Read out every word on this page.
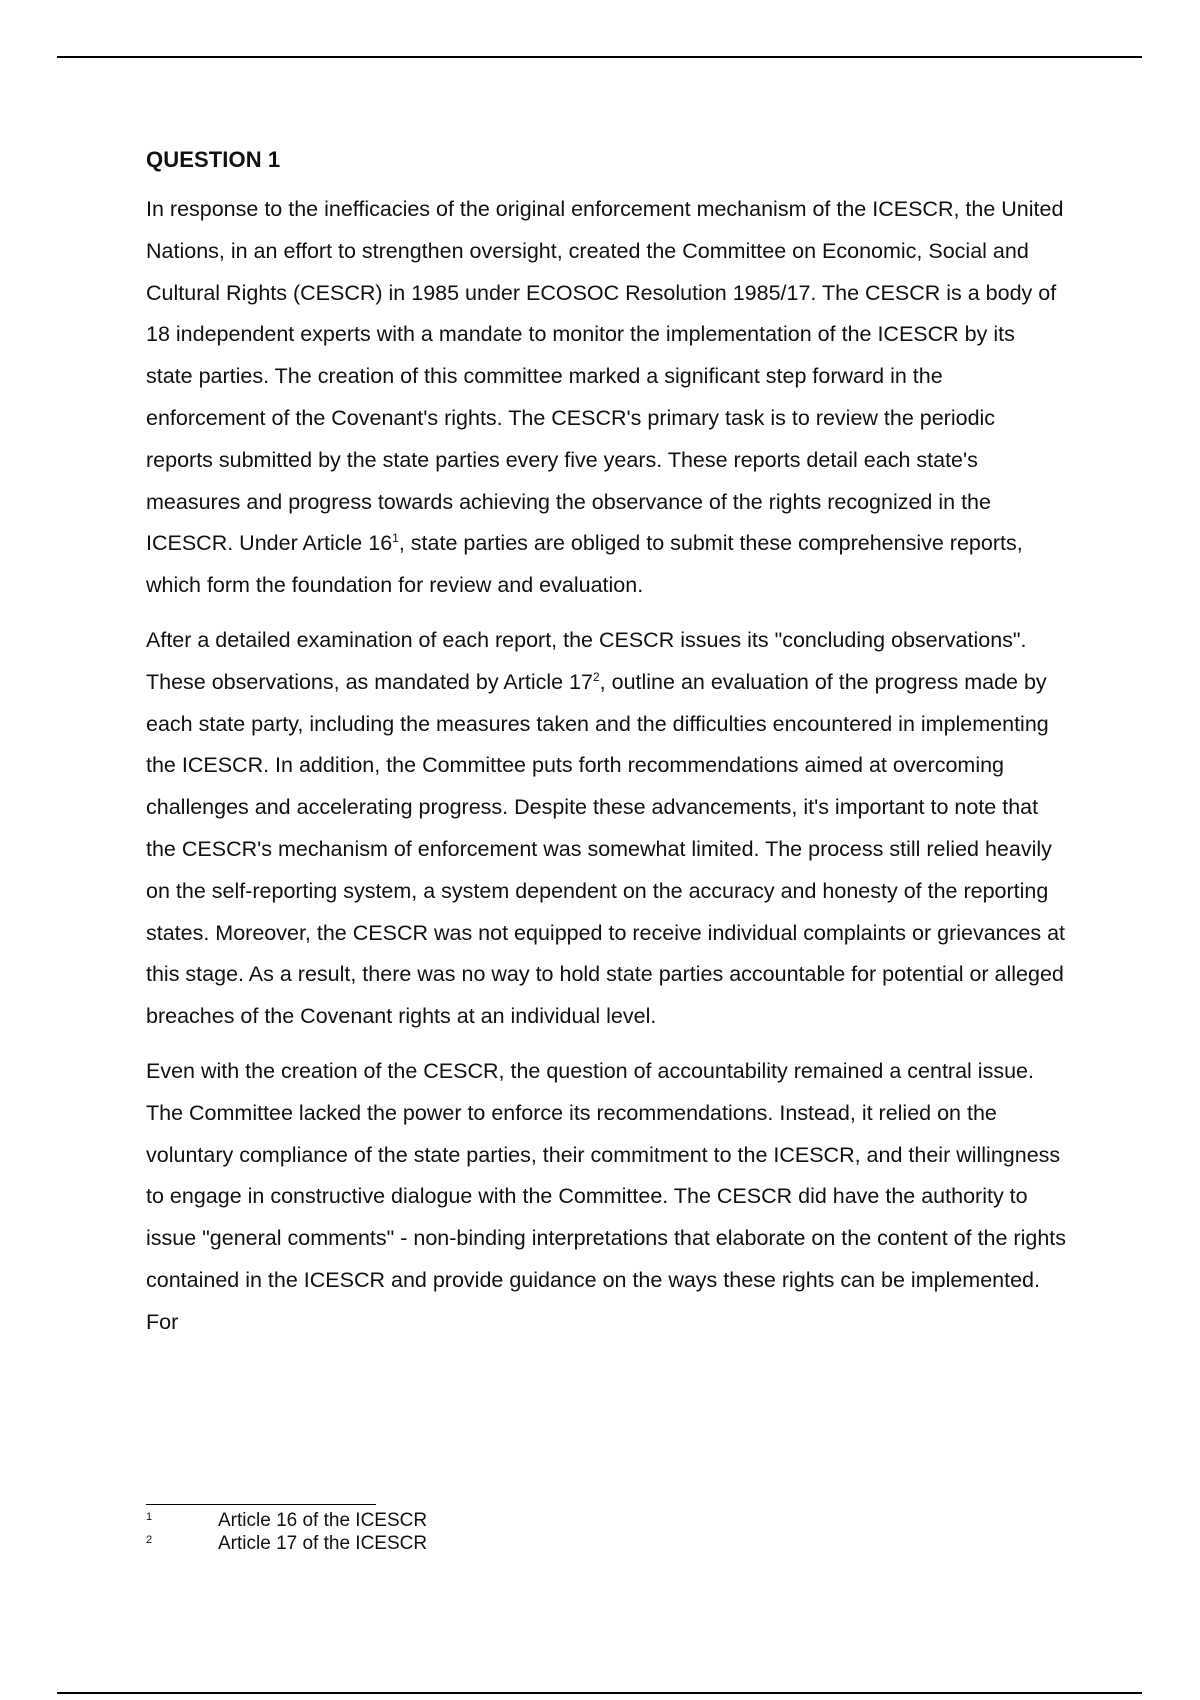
QUESTION 1

In response to the inefficacies of the original enforcement mechanism of the ICESCR, the United Nations, in an effort to strengthen oversight, created the Committee on Economic, Social and Cultural Rights (CESCR) in 1985 under ECOSOC Resolution 1985/17. The CESCR is a body of 18 independent experts with a mandate to monitor the implementation of the ICESCR by its state parties. The creation of this committee marked a significant step forward in the enforcement of the Covenant's rights. The CESCR's primary task is to review the periodic reports submitted by the state parties every five years. These reports detail each state's measures and progress towards achieving the observance of the rights recognized in the ICESCR. Under Article $16^1$, state parties are obliged to submit these comprehensive reports, which form the foundation for review and evaluation.

After a detailed examination of each report, the CESCR issues its "concluding observations". These observations, as mandated by Article $17^2$, outline an evaluation of the progress made by each state party, including the measures taken and the difficulties encountered in implementing the ICESCR. In addition, the Committee puts forth recommendations aimed at overcoming challenges and accelerating progress. Despite these advancements, it's important to note that the CESCR's mechanism of enforcement was somewhat limited. The process still relied heavily on the self-reporting system, a system dependent on the accuracy and honesty of the reporting states. Moreover, the CESCR was not equipped to receive individual complaints or grievances at this stage. As a result, there was no way to hold state parties accountable for potential or alleged breaches of the Covenant rights at an individual level.

Even with the creation of the CESCR, the question of accountability remained a central issue. The Committee lacked the power to enforce its recommendations. Instead, it relied on the voluntary compliance of the state parties, their commitment to the ICESCR, and their willingness to engage in constructive dialogue with the Committee. The CESCR did have the authority to issue "general comments" - non-binding interpretations that elaborate on the content of the rights contained in the ICESCR and provide guidance on the ways these rights can be implemented. For

1	Article 16 of the ICESCR
2	Article 17 of the ICESCR
